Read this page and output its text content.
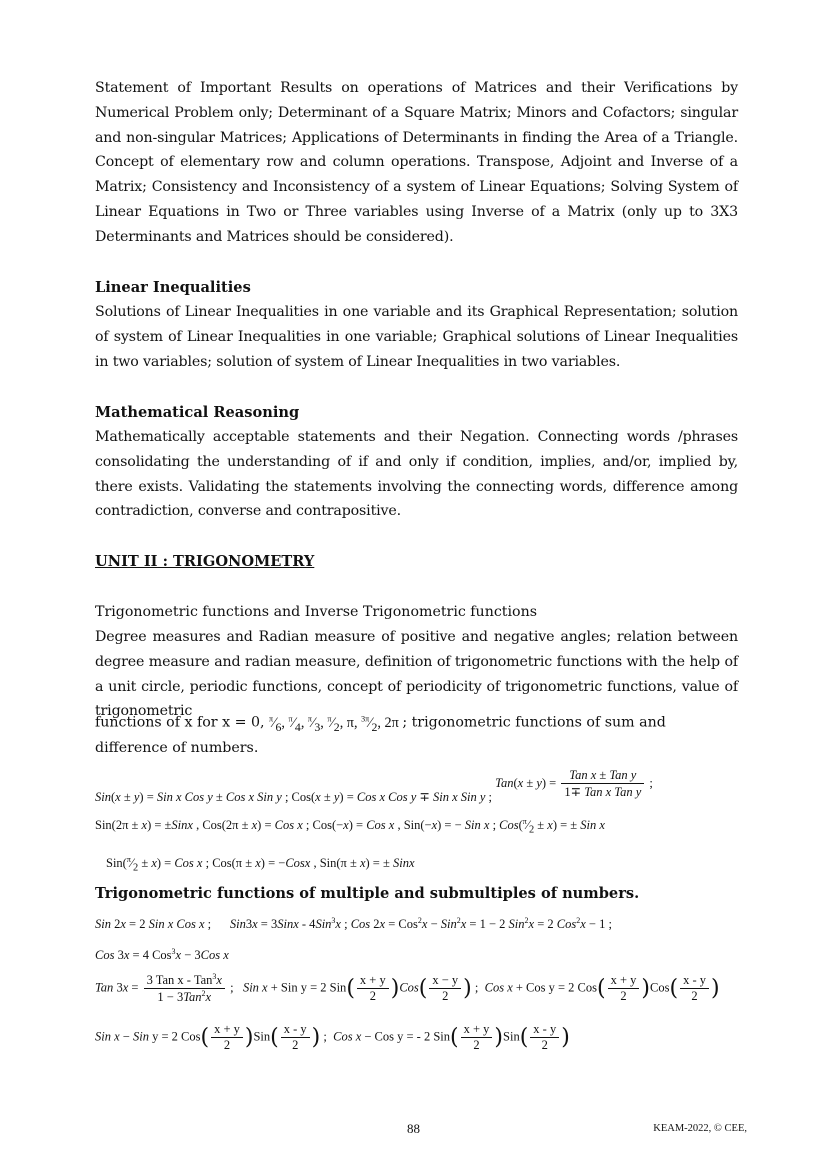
Statement of Important Results on operations of Matrices and their Verifications by Numerical Problem only; Determinant of a Square Matrix; Minors and Cofactors; singular and non-singular Matrices; Applications of Determinants in finding the Area of a Triangle. Concept of elementary row and column operations. Transpose, Adjoint and Inverse of a Matrix; Consistency and Inconsistency of a system of Linear Equations; Solving System of Linear Equations in Two or Three variables using Inverse of a Matrix (only up to 3X3 Determinants and Matrices should be considered).

Linear Inequalities

Solutions of Linear Inequalities in one variable and its Graphical Representation; solution of system of Linear Inequalities in one variable; Graphical solutions of Linear Inequalities in two variables; solution of system of Linear Inequalities in two variables.

Mathematical Reasoning

Mathematically acceptable statements and their Negation. Connecting words /phrases consolidating the understanding of if and only if condition, implies, and/or, implied by, there exists. Validating the statements involving the connecting words, difference among contradiction, converse and contrapositive.

UNIT II : TRIGONOMETRY

Trigonometric functions and Inverse Trigonometric functions

Degree measures and Radian measure of positive and negative angles; relation between degree measure and radian measure, definition of trigonometric functions with the help of a unit circle, periodic functions, concept of periodicity of trigonometric functions, value of trigonometric

functions of x for x = 0, $^\pi⁄_6$, $^\pi⁄_4$, $^\pi⁄_3$, $^\pi⁄_2$, π, $^{3\pi}⁄_2$, 2π ; trigonometric functions of sum and

difference of numbers.

Sin(x ± y) = Sin x Cos y ± Cos x Sin y ; Cos(x ± y) = Cos x Cos y ∓ Sin x Sin y ; Tan(x ± y) =
Tan x ± Tan y
1∓ Tan x Tan y
;
Sin(2π ± x) = ±Sinx , Cos(2π ± x) = Cos x ; Cos(−x) = Cos x , Sin(−x) = − Sin x ; $Cos(^\pi⁄_2 \pm x)$ = ± Sin x
$Sin(^\pi⁄_2 \pm x)$ = Cos x ; Cos(π ± x) = −Cosx , Sin(π ± x) = ± Sinx

Trigonometric functions of multiple and submultiples of numbers.

Sin 2x = 2 Sin x Cos x ;      Sin3x = 3Sinx - 4Sin$^3$x ; Cos 2x = Cos$^2$x − Sin$^2$x = 1 − 2 Sin$^2$x = 2 Cos$^2$x − 1 ;
Cos 3x = 4 Cos$^3$x − 3Cos x
Tan 3x =
3 Tan x - Tan$^3$x
1 − 3Tan$^2$x
;   Sin x + Sin y = 2 $Sin( \frac{x + y}{2} )Cos( \frac{x - y}{2}$ ) ;  Cos x + Cos y = 2 $Cos( \frac{x + y}{2} )Cos( \frac{x - y}{2}$ )
Sin x − Sin y = 2 $Cos( \frac{x + y}{2} )Sin( \frac{x - y}{2}$ ) ;  Cos x − Cos y = - 2 $Sin( \frac{x + y}{2} )Sin( \frac{x - y}{2}$ )
88	KEAM-2022, © CEE,
